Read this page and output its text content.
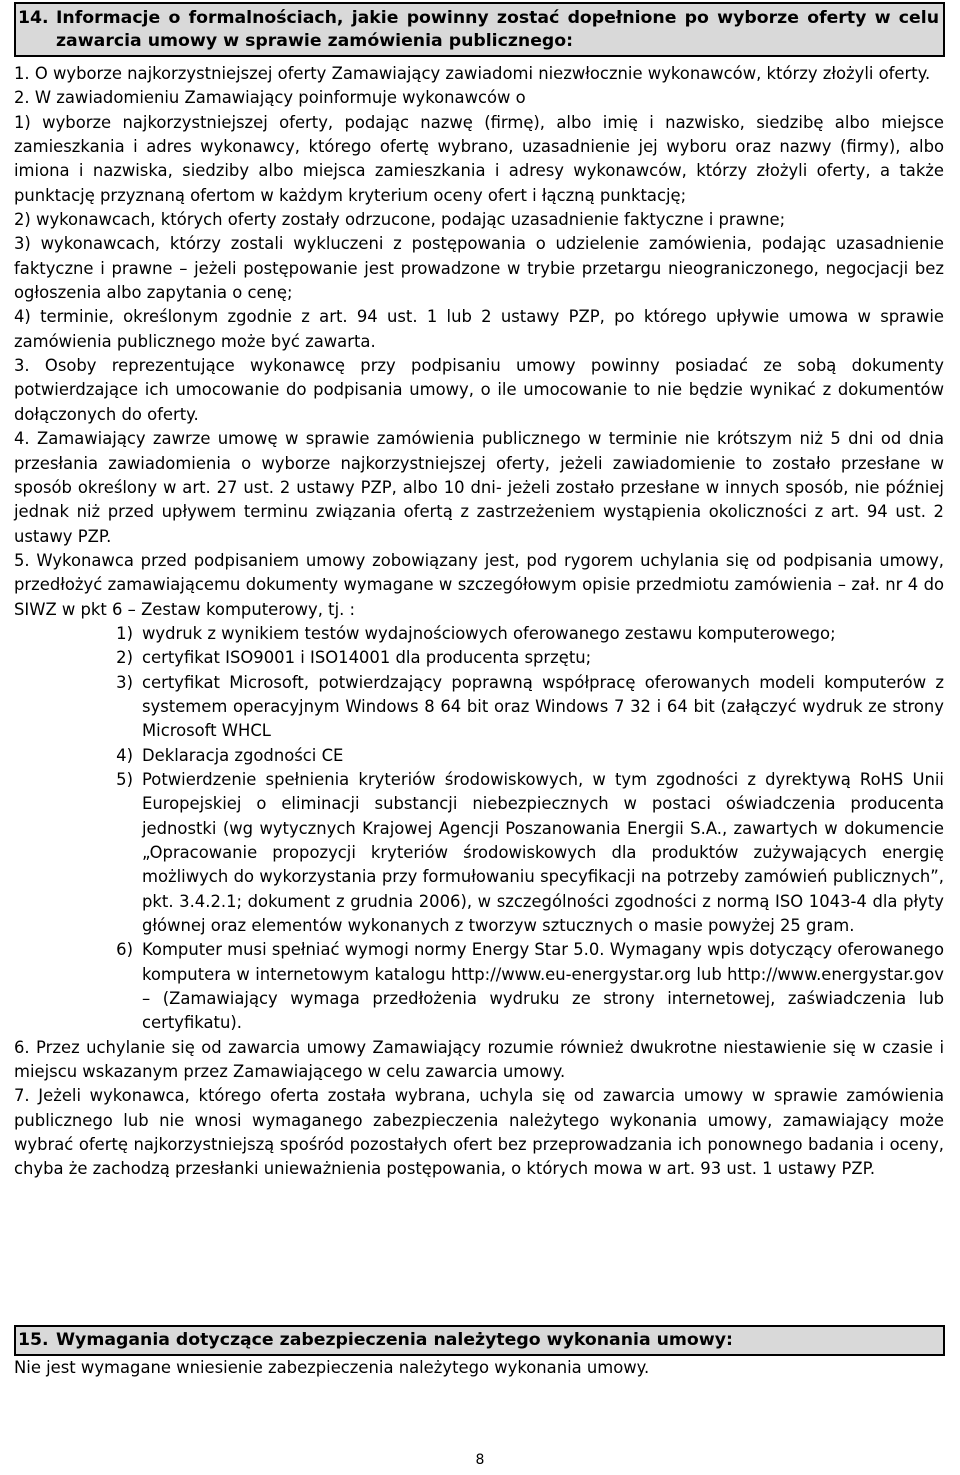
14. Informacje o formalnościach, jakie powinny zostać dopełnione po wyborze oferty w celu zawarcia umowy w sprawie zamówienia publicznego:

1. O wyborze najkorzystniejszej oferty Zamawiający zawiadomi niezwłocznie wykonawców, którzy złożyli oferty.

2. W zawiadomieniu Zamawiający poinformuje wykonawców o

1) wyborze najkorzystniejszej oferty, podając nazwę (firmę), albo imię i nazwisko, siedzibę albo miejsce zamieszkania i adres wykonawcy, którego ofertę wybrano, uzasadnienie jej wyboru oraz nazwy (firmy), albo imiona i nazwiska, siedziby albo miejsca zamieszkania i adresy wykonawców, którzy złożyli oferty, a także punktację przyznaną ofertom w każdym kryterium oceny ofert i łączną punktację;

2) wykonawcach, których oferty zostały odrzucone, podając uzasadnienie faktyczne i prawne;

3) wykonawcach, którzy zostali wykluczeni z postępowania o udzielenie zamówienia, podając uzasadnienie faktyczne i prawne – jeżeli postępowanie jest prowadzone w trybie przetargu nieograniczonego, negocjacji bez ogłoszenia albo zapytania o cenę;

4) terminie, określonym zgodnie z art. 94 ust. 1 lub 2 ustawy PZP, po którego upływie umowa w sprawie zamówienia publicznego może być zawarta.

3. Osoby reprezentujące wykonawcę przy podpisaniu umowy powinny posiadać ze sobą dokumenty potwierdzające ich umocowanie do podpisania umowy, o ile umocowanie to nie będzie wynikać z dokumentów dołączonych do oferty.

4. Zamawiający zawrze umowę w sprawie zamówienia publicznego w terminie nie krótszym niż 5 dni od dnia przesłania zawiadomienia o wyborze najkorzystniejszej oferty, jeżeli zawiadomienie to zostało przesłane w sposób określony w art. 27 ust. 2 ustawy PZP, albo 10 dni- jeżeli zostało przesłane w innych sposób, nie później jednak niż przed upływem terminu związania ofertą z zastrzeżeniem wystąpienia okoliczności z art. 94 ust. 2 ustawy PZP.

5. Wykonawca przed podpisaniem umowy zobowiązany jest, pod rygorem uchylania się od podpisania umowy, przedłożyć zamawiającemu dokumenty wymagane w szczegółowym opisie przedmiotu zamówienia – zał. nr 4 do SIWZ w pkt 6 – Zestaw komputerowy, tj. :

1) wydruk z wynikiem testów wydajnościowych oferowanego zestawu komputerowego;
2) certyfikat ISO9001 i ISO14001 dla producenta sprzętu;
3) certyfikat Microsoft, potwierdzający poprawną współpracę oferowanych modeli komputerów z systemem operacyjnym Windows 8 64 bit oraz Windows 7 32 i 64 bit (załączyć wydruk ze strony Microsoft WHCL
4) Deklaracja zgodności CE
5) Potwierdzenie spełnienia kryteriów środowiskowych, w tym zgodności z dyrektywą RoHS Unii Europejskiej o eliminacji substancji niebezpiecznych w postaci oświadczenia producenta jednostki (wg wytycznych Krajowej Agencji Poszanowania Energii S.A., zawartych w dokumencie „Opracowanie propozycji kryteriów środowiskowych dla produktów zużywających energię możliwych do wykorzystania przy formułowaniu specyfikacji na potrzeby zamówień publicznych”, pkt. 3.4.2.1; dokument z grudnia 2006), w szczególności zgodności z normą ISO 1043-4 dla płyty głównej oraz elementów wykonanych z tworzyw sztucznych o masie powyżej 25 gram.
6) Komputer musi spełniać wymogi normy Energy Star 5.0. Wymagany wpis dotyczący oferowanego komputera w internetowym katalogu http://www.eu-energystar.org lub http://www.energystar.gov – (Zamawiający wymaga przedłożenia wydruku ze strony internetowej, zaświadczenia lub certyfikatu).

6. Przez uchylanie się od zawarcia umowy Zamawiający rozumie również dwukrotne niestawienie się w czasie i miejscu wskazanym przez Zamawiającego w celu zawarcia umowy.

7. Jeżeli wykonawca, którego oferta została wybrana, uchyla się od zawarcia umowy w sprawie zamówienia publicznego lub nie wnosi wymaganego zabezpieczenia należytego wykonania umowy, zamawiający może wybrać ofertę najkorzystniejszą spośród pozostałych ofert bez przeprowadzania ich ponownego badania i oceny, chyba że zachodzą przesłanki unieważnienia postępowania, o których mowa w art. 93 ust. 1 ustawy PZP.

15. Wymagania dotyczące zabezpieczenia należytego wykonania umowy:

Nie jest wymagane wniesienie zabezpieczenia należytego wykonania umowy.

8
